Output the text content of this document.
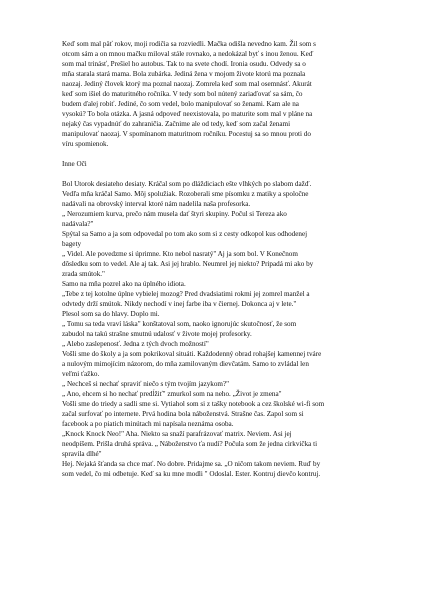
Keď som mal päť rokov, moji rodičia sa rozviedli. Mačka odišla nevedno kam. Žil som s

otcom sám a on mnou mačku miloval stále rovnako, a nedokázal byť s inou ženou. Keď

som mal trinásť, Prešiel ho autobus. Tak to na svete chodí. Ironia osudu. Odvedy sa o

mňa starala stará mama. Bola zubárka. Jediná žena v mojom živote ktorú ma poznala

naozaj. Jediný človek ktorý ma poznal naozaj. Zomrela keď som mal osemnásť. Akurát

keď som išiel do maturitného ročníka. V tedy som bol nútený zariaďovať sa sám, čo

budem ďalej robiť. Jediné, čo som vedel, bolo manipulovať so ženami. Kam ale na

vysokú? To bola otázka. A jasná odpoveď neexistovala, po maturite som mal v pláne na

nejaký čas vypadnúť do zahraničia. Začnime ale od tedy, keď som začal ženami

manipulovať naozaj. V spomínanom maturitnom ročníku. Pocestuj sa so mnou proti do

víru spomienok.

Inne Oči

Bol Utorok desiateho desiaty. Kráčal som po dláždiciach ešte vlhkých po slabom dažď.

Vedľa mňa kráčal Samo. Môj spolužiak. Rozoberali sme písomku z matiky a spoločne

nadávali na obrovský interval ktoré nám nadelila naša profesorka.

„ Nerozumiem kurva, prečo nám musela dať štyri skupiny. Počul si Tereza ako

nadávala?"

Spýtal sa Samo a ja som odpovedal po tom ako som si z cesty odkopol kus odhodenej

bagety

„ Videl. Ale povedzme si úprimne. Kto nebol nasratý" Aj ja som bol. V Konečnom

dôsledku som to vedel. Ale aj tak. Asi jej hrablo. Neumrel jej niekto? Pripadá mi ako by

zrada smútok."

Samo na mňa pozrel ako na úplného idiota.

„Tebe z tej kotolne úplne vybielej mozog? Pred dvadsiatimi rokmi jej zomrel manžel a

odvtedy drží smútok. Nikdy nechodí v inej farbe iba v čiernej. Dokonca aj v lete."

Plesol som sa do hlavy. Doplo mi.

„ Tomu sa teda vraví láska" konštatoval som, naoko ignorujúc skutočnosť, že som

zabudol na takú strašne smutnú udalosť v živote mojej profesorky.

„ Alebo zaslepenosť. Jedna z tých dvoch možností"

Vošli sme do školy a ja som pokrikoval situáti. Každodenný obrad rohajšej kamennej tváre

a nulovým mimojícim názorom, do mňa zamilovaným dievčatám. Samo to zvládal len

veľmi ťažko.

„ Nechceš si nechať spraviť niečo s tým tvojím jazykom?"

„ Ano, ehcem si ho nechať predĺžiť" zmurkol som na neho. „Život je zmena"

Vošli sme do triedy a sadli sme si. Vytiahol som si z tašky notebook a cez školské wi-fi som

začal surfovať po internete. Prvá hodina bola náboženstvá. Strašne čas. Zapol som si

facebook a po piatich minútach mi napísala neznáma osoba.

„Knock Knock Neo!" Aha. Niekto sa snaží parafrázovať matrix. Neviem. Asi jej

neodpíšem. Prišla druhá správa. „ Náboženstvo ťa nudí? Počula som že jedna cirkvička ti

spravila dlhé"

Hej. Nejaká šťanda sa chce mať. No dobre. Pridajme sa. „O ničom takom neviem. Ruď by

som vedel, čo mi odbetuje. Keď sa ku mne modli " Odoslal. Ester. Kontruj dievčo kontruj.
